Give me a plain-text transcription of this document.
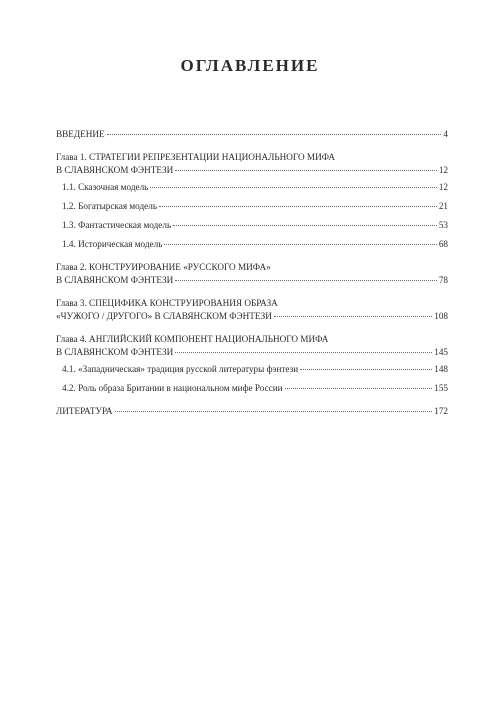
ОГЛАВЛЕНИЕ
ВВЕДЕНИЕ	4
Глава 1. СТРАТЕГИИ РЕПРЕЗЕНТАЦИИ НАЦИОНАЛЬНОГО МИФА
В СЛАВЯНСКОМ ФЭНТЕЗИ	12
1.1. Сказочная модель	12
1.2. Богатырская модель	21
1.3. Фантастическая модель	53
1.4. Историческая модель	68
Глава 2. КОНСТРУИРОВАНИЕ «РУССКОГО МИФА»
В СЛАВЯНСКОМ ФЭНТЕЗИ	78
Глава 3. СПЕЦИФИКА КОНСТРУИРОВАНИЯ ОБРАЗА
«ЧУЖОГО / ДРУГОГО» В СЛАВЯНСКОМ ФЭНТЕЗИ	108
Глава 4. АНГЛИЙСКИЙ КОМПОНЕНТ НАЦИОНАЛЬНОГО МИФА
В СЛАВЯНСКОМ ФЭНТЕЗИ	145
4.1. «Западническая» традиция русской литературы фэнтези	148
4.2. Роль образа Британии в национальном мифе России	155
ЛИТЕРАТУРА	172
